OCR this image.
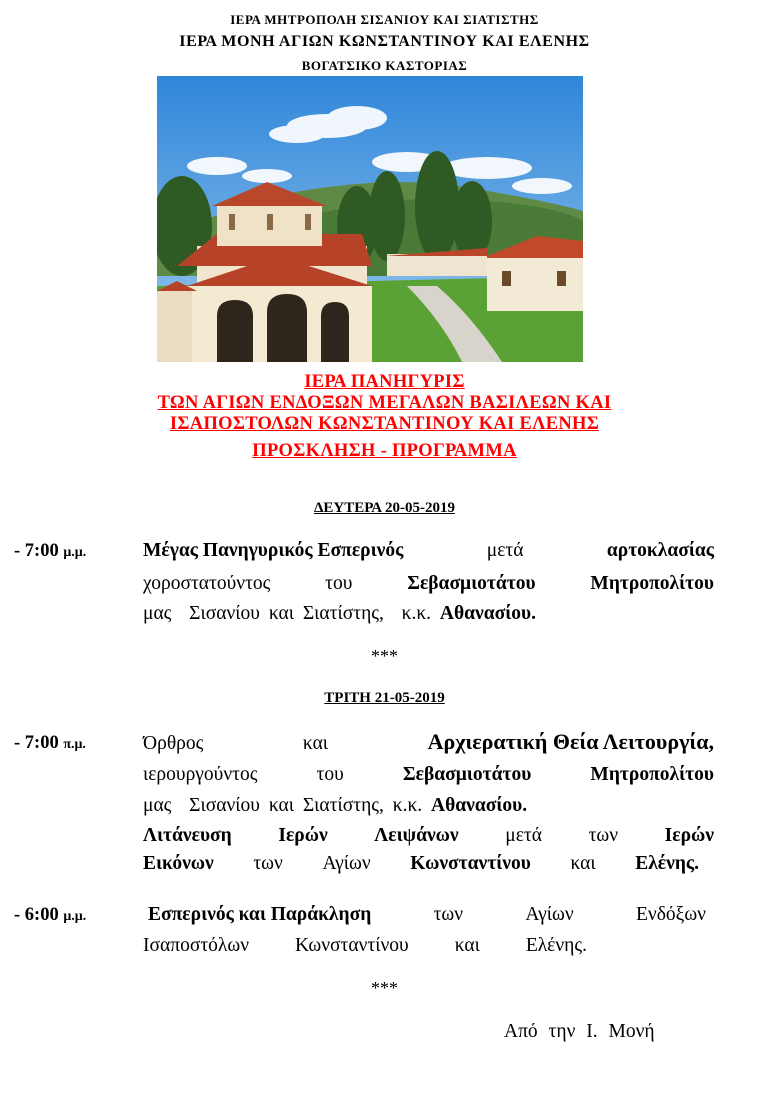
ΙΕΡΑ ΜΗΤΡΟΠΟΛΗ ΣΙΣΑΝΙΟΥ ΚΑΙ ΣΙΑΤΙΣΤΗΣ
ΙΕΡΑ ΜΟΝΗ ΑΓΙΩΝ ΚΩΝΣΤΑΝΤΙΝΟΥ ΚΑΙ ΕΛΕΝΗΣ
ΒΟΓΑΤΣΙΚΟ ΚΑΣΤΟΡΙΑΣ
ΙΕΡΑ ΠΑΝΗΓΥΡΙΣ
ΤΩΝ ΑΓΙΩΝ ΕΝΔΟΞΩΝ ΜΕΓΑΛΩΝ ΒΑΣΙΛΕΩΝ ΚΑΙ
ΙΣΑΠΟΣΤΟΛΩΝ ΚΩΝΣΤΑΝΤΙΝΟΥ ΚΑΙ ΕΛΕΝΗΣ
ΠΡΟΣΚΛΗΣΗ - ΠΡΟΓΡΑΜΜΑ
ΔΕΥΤΕΡΑ 20-05-2019
- 7:00 μ.μ.	Μέγας Πανηγυρικός Εσπερινός	μετά	αρτοκλασίας
χοροστατούντος	του	Σεβασμιοτάτου	Μητροπολίτου
μας Σισανίου και Σιατίστης, κ.κ. Αθανασίου.
***
ΤΡΙΤΗ 21-05-2019
- 7:00 π.μ.	Όρθρος	και	Αρχιερατική Θεία Λειτουργία,
ιερουργούντος	του	Σεβασμιοτάτου	Μητροπολίτου
μας Σισανίου και Σιατίστης, κ.κ. Αθανασίου.
Λιτάνευση Ιερών Λειψάνων μετά των Ιερών
Εικόνων των Αγίων Κωνσταντίνου και Ελένης.
- 6:00 μ.μ.	Εσπερινός και Παράκληση	των	Αγίων	Ενδόξων
Ισαποστόλων Κωνσταντίνου και Ελένης.
***
Από την Ι. Μονή
